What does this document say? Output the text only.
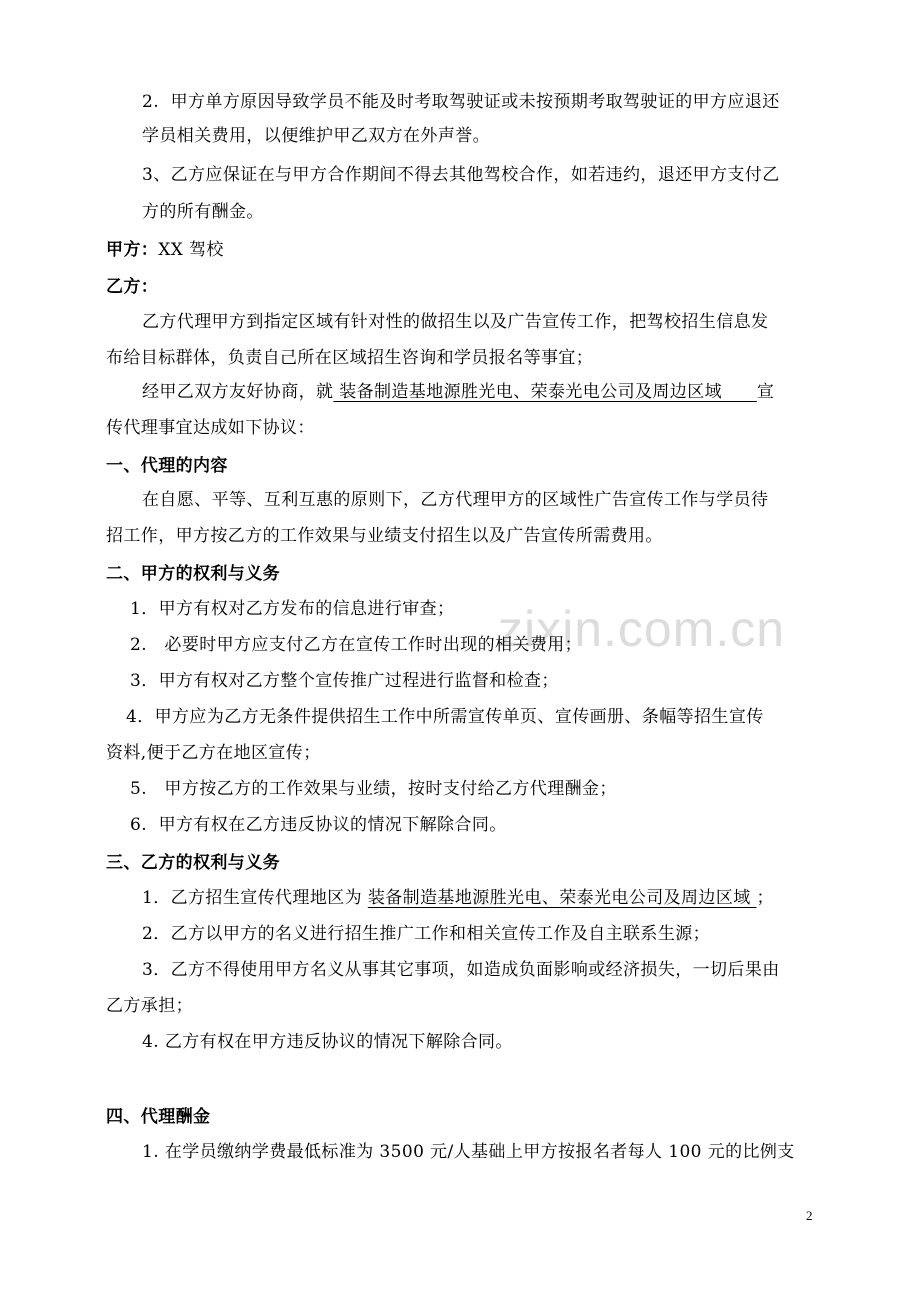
zixin.com.cn
2.  甲方单方原因导致学员不能及时考取驾驶证或未按预期考取驾驶证的甲方应退还
学员相关费用，以便维护甲乙双方在外声誉。
3、乙方应保证在与甲方合作期间不得去其他驾校合作，如若违约，退还甲方支付乙
方的所有酬金。
甲方：XX 驾校
乙方：
乙方代理甲方到指定区域有针对性的做招生以及广告宣传工作，把驾校招生信息发
布给目标群体，负责自己所在区域招生咨询和学员报名等事宜；
经甲乙双方友好协商，就 装备制造基地源胜光电、荣泰光电公司及周边区域      宣
传代理事宜达成如下协议：
一、代理的内容
在自愿、平等、互利互惠的原则下，乙方代理甲方的区域性广告宣传工作与学员待
招工作，甲方按乙方的工作效果与业绩支付招生以及广告宣传所需费用。
二、甲方的权利与义务
1．甲方有权对乙方发布的信息进行审查；
2.   必要时甲方应支付乙方在宣传工作时出现的相关费用；
3．甲方有权对乙方整个宣传推广过程进行监督和检查；
4．甲方应为乙方无条件提供招生工作中所需宣传单页、宣传画册、条幅等招生宣传
资料,便于乙方在地区宣传；
5.   甲方按乙方的工作效果与业绩，按时支付给乙方代理酬金；
6.  甲方有权在乙方违反协议的情况下解除合同。
三、乙方的权利与义务
1．乙方招生宣传代理地区为 装备制造基地源胜光电、荣泰光电公司及周边区域 ；
2．乙方以甲方的名义进行招生推广工作和相关宣传工作及自主联系生源；
3．乙方不得使用甲方名义从事其它事项，如造成负面影响或经济损失，一切后果由
乙方承担；
4. 乙方有权在甲方违反协议的情况下解除合同。
四、代理酬金
1. 在学员缴纳学费最低标准为 3500 元/人基础上甲方按报名者每人 100 元的比例支
2
